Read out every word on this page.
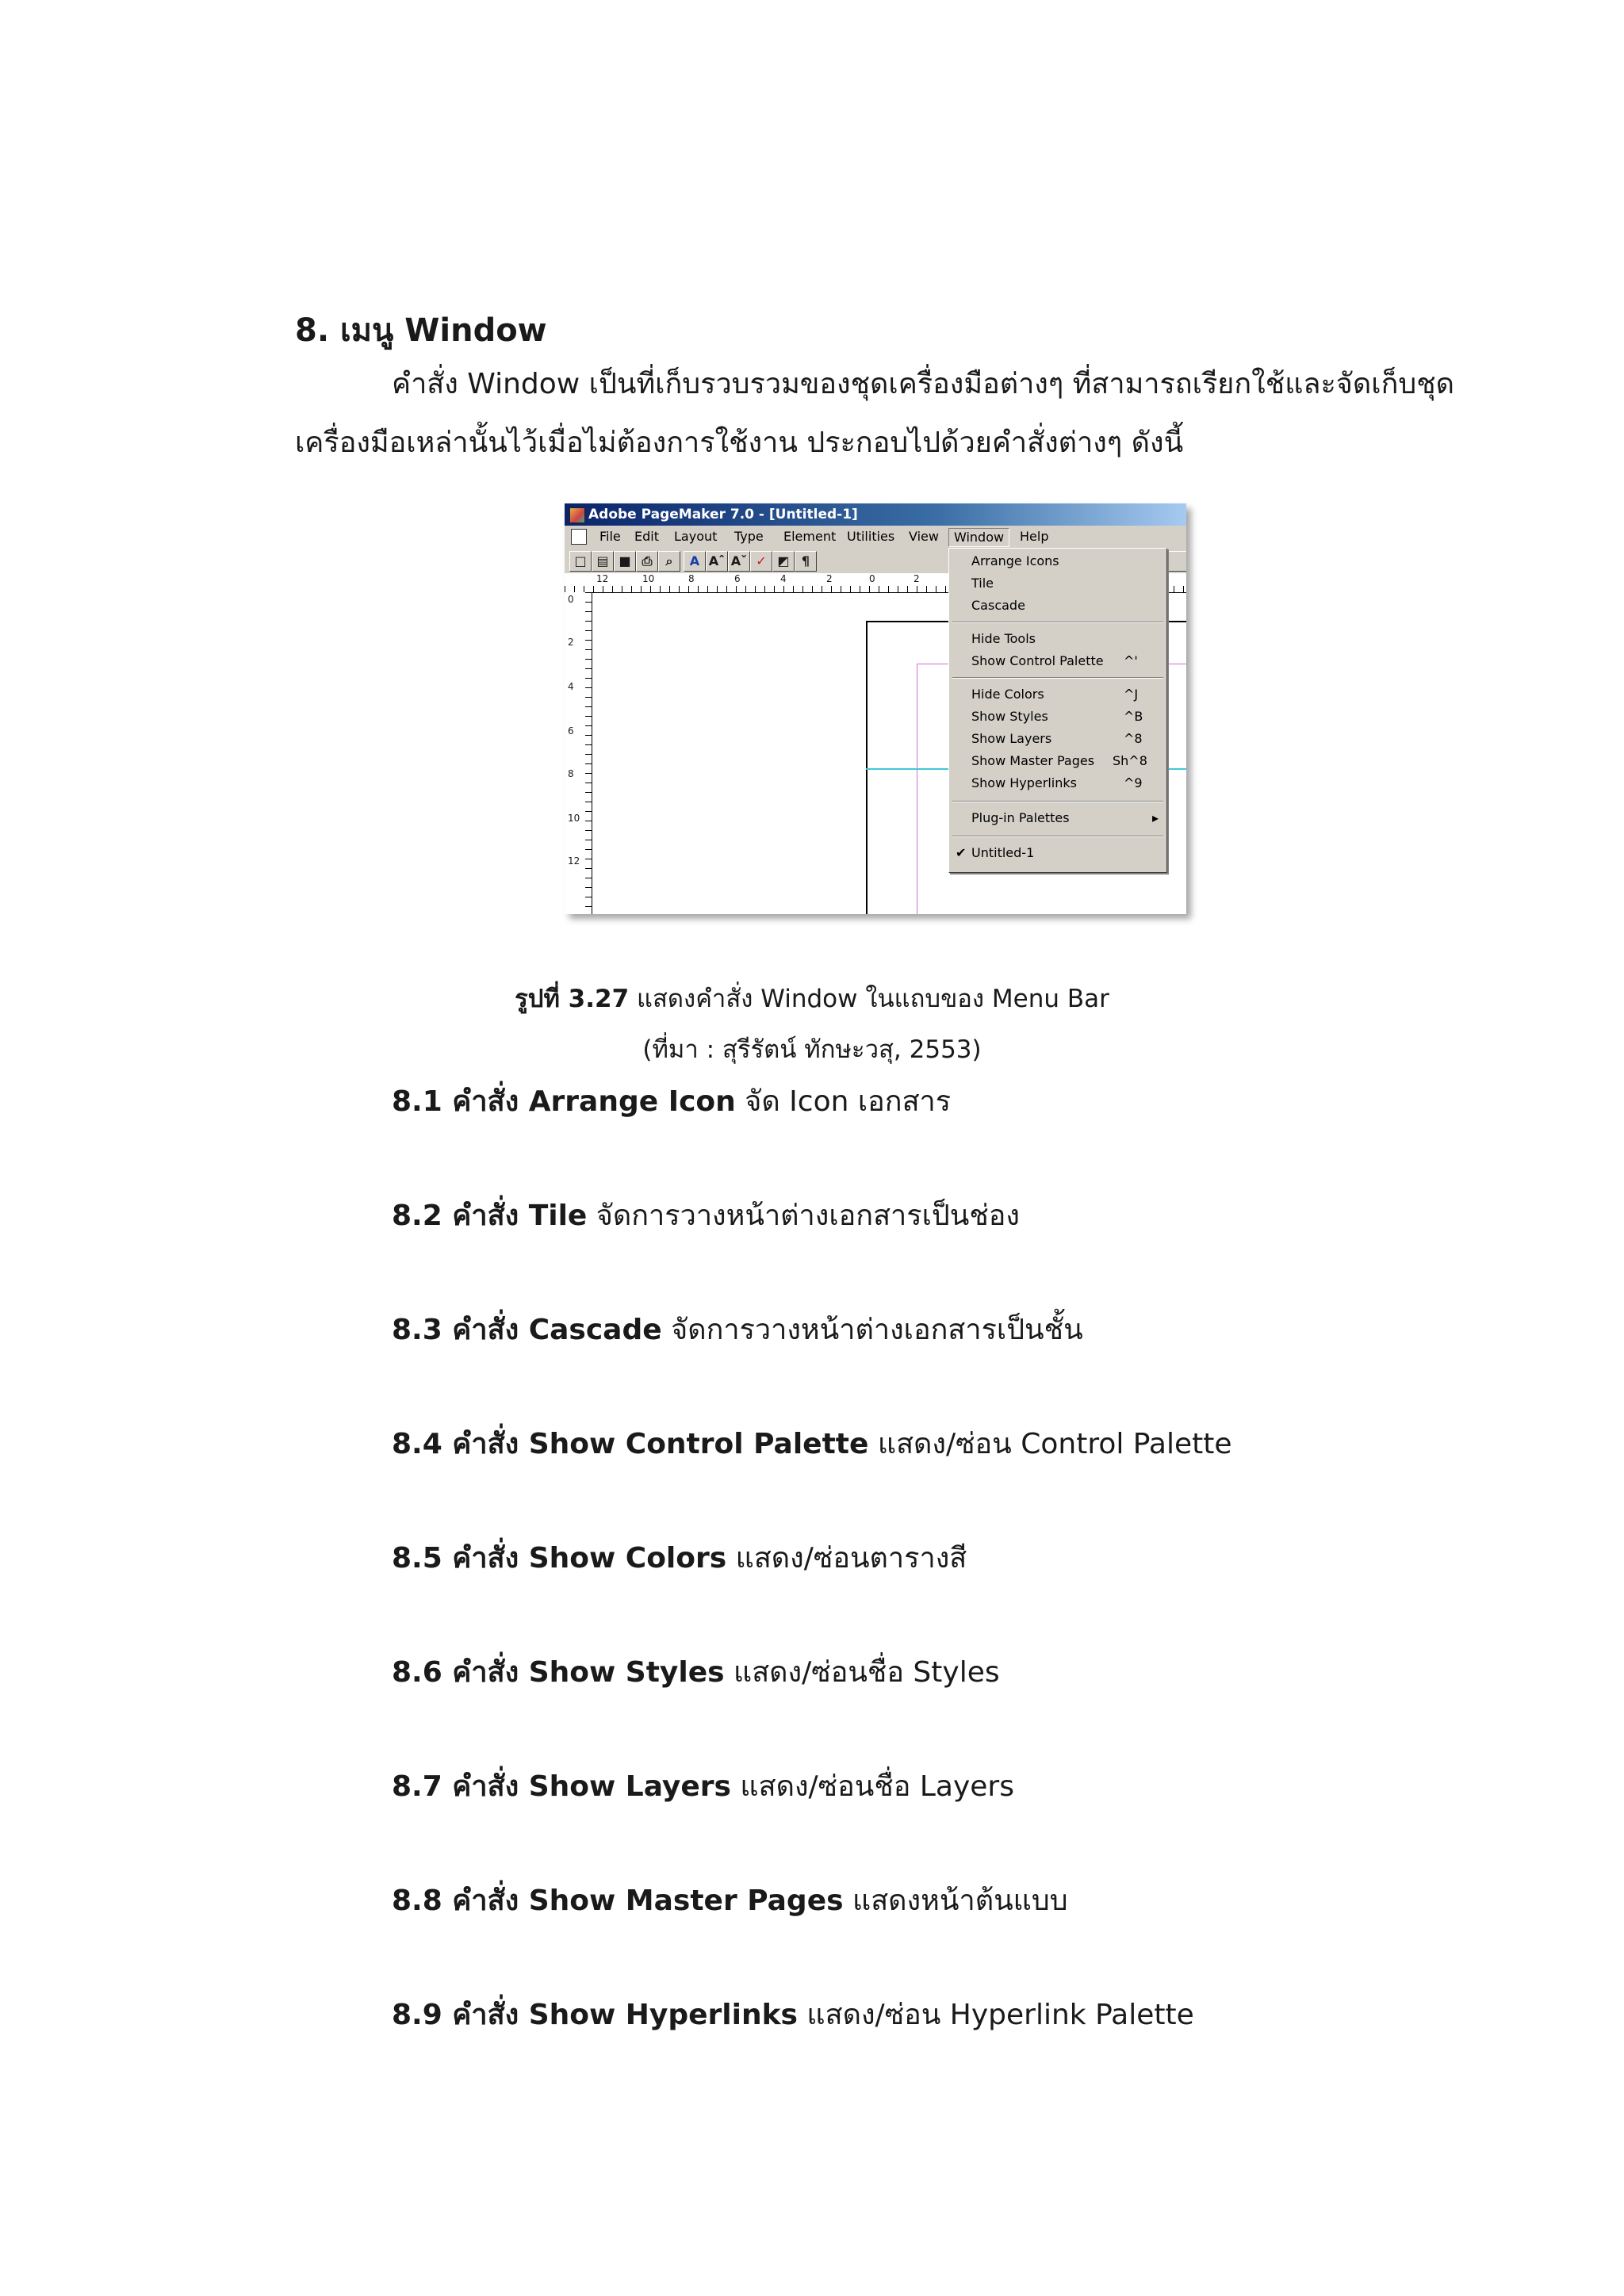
8. เมนู Window

คำสั่ง Window เป็นที่เก็บรวบรวมของชุดเครื่องมือต่างๆ ที่สามารถเรียกใช้และจัดเก็บชุด

เครื่องมือเหล่านั้นไว้เมื่อไม่ต้องการใช้งาน ประกอบไปด้วยคำสั่งต่างๆ ดังนี้

Adobe PageMaker 7.0 - [Untitled-1]
File Edit Layout Type Element Utilities View	Window	Help
□ ▤ ■ ⎙	⌕	A Aˆ Aˇ ✓ ◩ ¶
12	10	8	6	4	2	0	2
0
2
4
6
8
10
12
Arrange Icons
Tile
Cascade
Hide Tools
Show Control Palette ^'
Hide Colors	^J
Show Styles	^B
Show Layers	^8
Show Master Pages Sh^8
Show Hyperlinks	^9
Plug-in Palettes	▸
✔ Untitled-1

รูปที่ 3.27 แสดงคำสั่ง Window ในแถบของ Menu Bar

(ที่มา : สุรีรัตน์ ทักษะวสุ, 2553)

8.1 คำสั่ง Arrange Icon จัด Icon เอกสาร

8.2 คำสั่ง Tile จัดการวางหน้าต่างเอกสารเป็นช่อง

8.3 คำสั่ง Cascade จัดการวางหน้าต่างเอกสารเป็นชั้น

8.4 คำสั่ง Show Control Palette แสดง/ซ่อน Control Palette

8.5 คำสั่ง Show Colors แสดง/ซ่อนตารางสี

8.6 คำสั่ง Show Styles แสดง/ซ่อนชื่อ Styles

8.7 คำสั่ง Show Layers แสดง/ซ่อนชื่อ Layers

8.8 คำสั่ง Show Master Pages แสดงหน้าต้นแบบ

8.9 คำสั่ง Show Hyperlinks แสดง/ซ่อน Hyperlink Palette
